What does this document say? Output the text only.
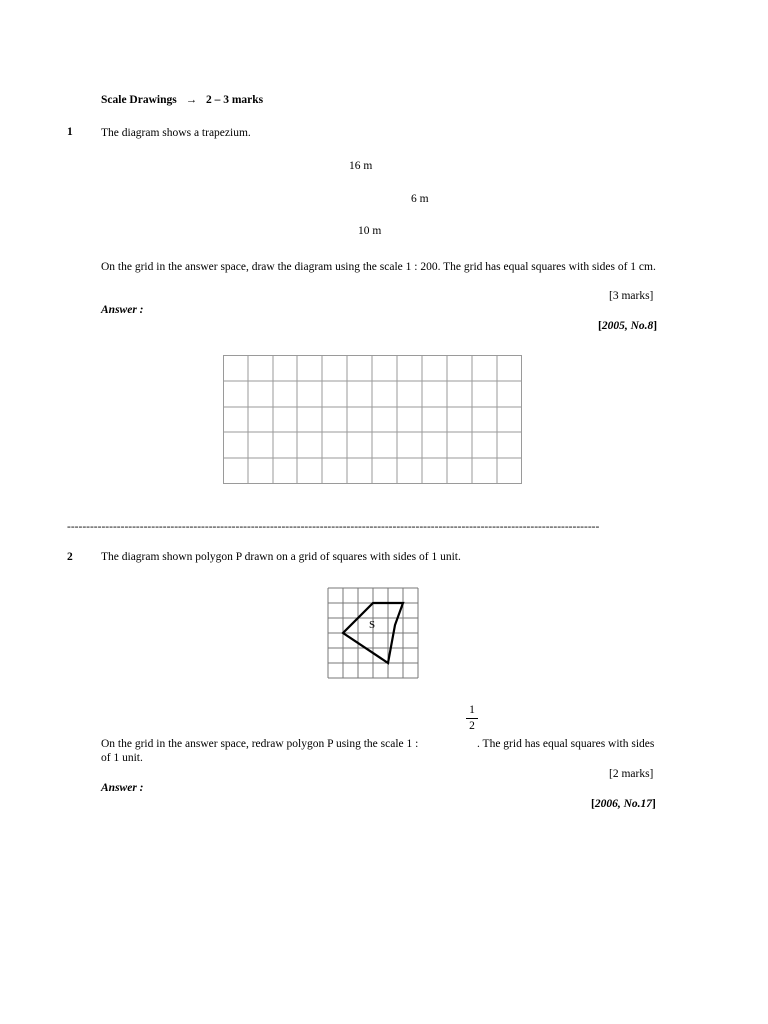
Scale Drawings → 2 – 3 marks
1 The diagram shows a trapezium.
16 m
6 m
10 m
On the grid in the answer space, draw the diagram using the scale 1 : 200. The grid has equal squares with sides of 1 cm.
[3 marks]
Answer :
[2005, No.8]
-------------------------------------------------------------------------------------------------------------------------------------------
2 The diagram shown polygon P drawn on a grid of squares with sides of 1 unit.
S
1
2
On the grid in the answer space, redraw polygon P using the scale 1 :	. The grid has equal squares with sides
of 1 unit.
[2 marks]
Answer :
[2006, No.17]
